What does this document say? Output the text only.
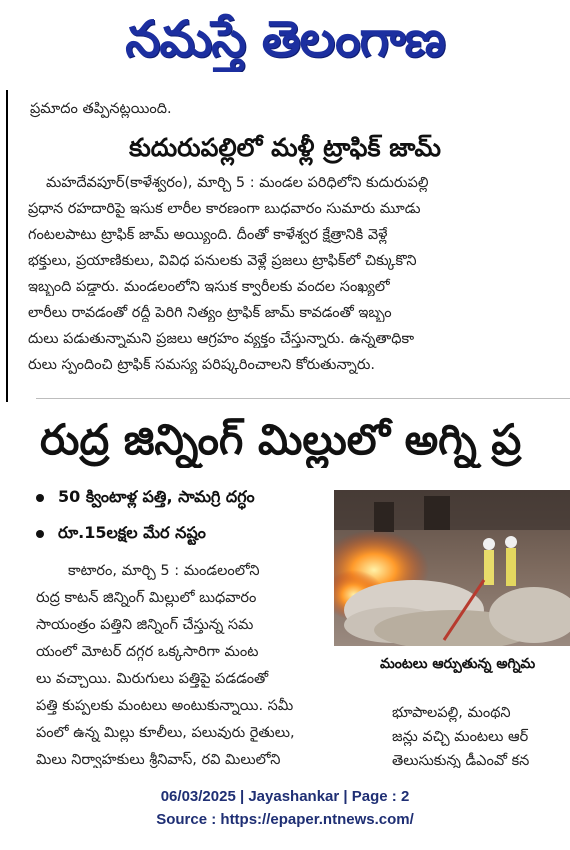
నమస్తే తెలంగాణ
ప్రమాదం తప్పినట్లయింది.
కుదురుపల్లిలో మళ్లీ ట్రాఫిక్ జామ్
మహదేవపూర్(కాళేశ్వరం), మార్చి 5 : మండల పరిధిలోని కుదురుపల్లి
ప్రధాన రహదారిపై ఇసుక లారీల కారణంగా బుధవారం సుమారు మూడు
గంటలపాటు ట్రాఫిక్ జామ్ అయ్యింది. దీంతో కాళేశ్వర క్షేత్రానికి వెళ్లే
భక్తులు, ప్రయాణికులు, వివిధ పనులకు వెళ్లే ప్రజలు ట్రాఫిక్‌లో చిక్కుకొని
ఇబ్బంది పడ్డారు. మండలంలోని ఇసుక క్వారీలకు వందల సంఖ్యలో
లారీలు రావడంతో రద్దీ పెరిగి నిత్యం ట్రాఫిక్ జామ్ కావడంతో ఇబ్బం
దులు పడుతున్నామని ప్రజలు ఆగ్రహం వ్యక్తం చేస్తున్నారు. ఉన్నతాధికా
రులు స్పందించి ట్రాఫిక్ సమస్య పరిష్కరించాలని కోరుతున్నారు.
రుద్ర జిన్నింగ్ మిల్లులో అగ్ని ప్ర
50 క్వింటాళ్ల పత్తి, సామగ్రి దగ్ధం
రూ.15లక్షల మేర నష్టం
కాటారం, మార్చి 5 : మండలంలోని
రుద్ర కాటన్ జిన్నింగ్ మిల్లులో బుధవారం
సాయంత్రం పత్తిని జిన్నింగ్ చేస్తున్న సమ
యంలో మోటర్ దగ్గర ఒక్కసారిగా మంట
లు వచ్చాయి. మిరుగులు పత్తిపై పడడంతో
పత్తి కుప్పలకు మంటలు అంటుకున్నాయి. సమీ
పంలో ఉన్న మిల్లు కూలీలు, పలువురు రైతులు,
మిలు నిర్వాహకులు శ్రీనివాస్, రవి మిలులోని
మంటలు ఆర్పుతున్న అగ్నిమ
భూపాలపల్లి, మంథని
జన్లు వచ్చి మంటలు ఆర్
తెలుసుకున్న డీఎంవో కన
06/03/2025 | Jayashankar | Page : 2
Source : https://epaper.ntnews.com/
